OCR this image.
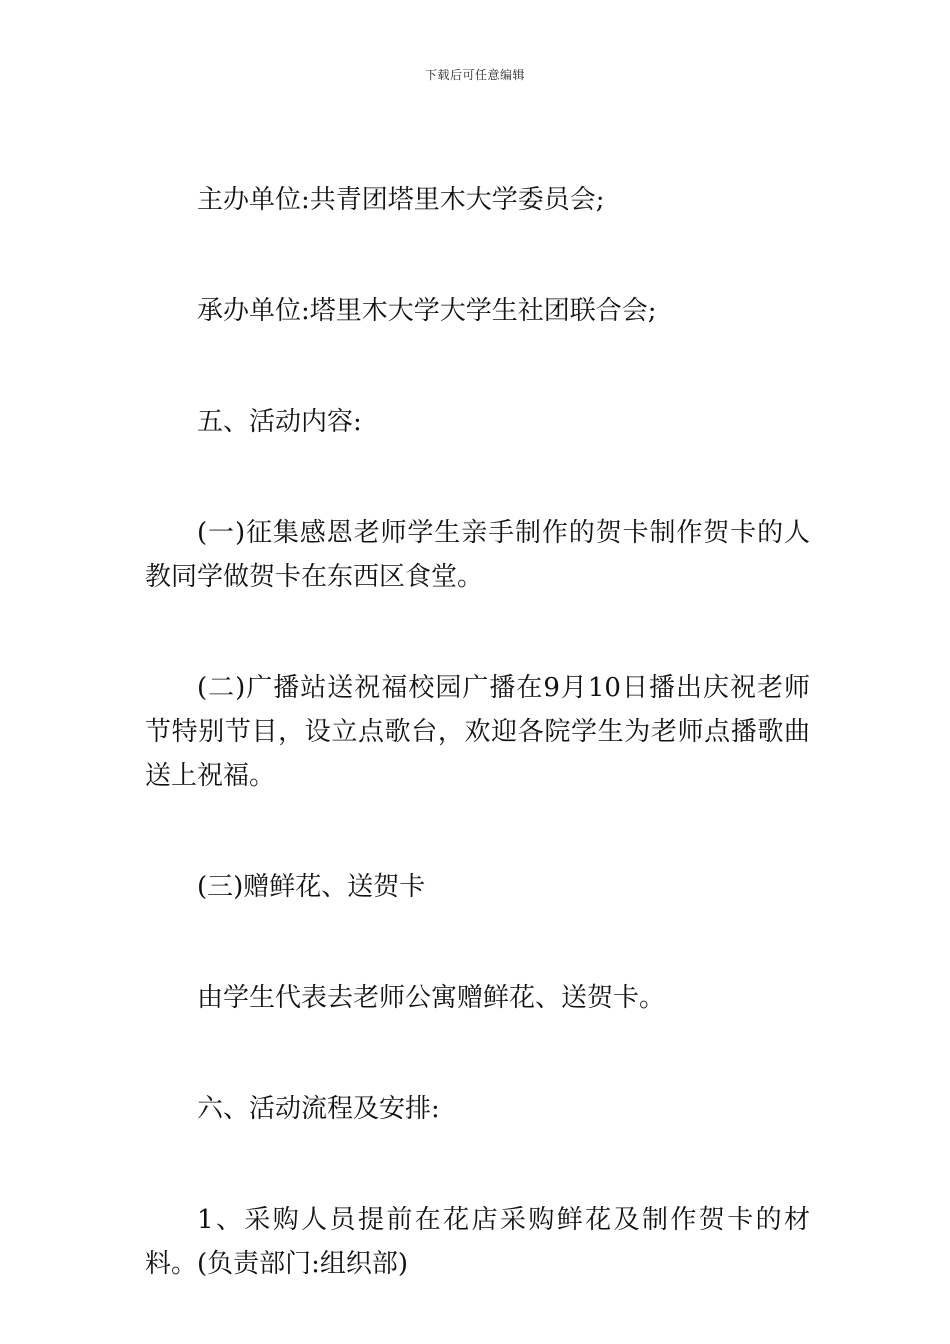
下载后可任意编辑

主办单位:共青团塔里木大学委员会;

承办单位:塔里木大学大学生社团联合会;

五、活动内容:

(一)征集感恩老师学生亲手制作的贺卡制作贺卡的人教同学做贺卡在东西区食堂。

(二)广播站送祝福校园广播在9月10日播出庆祝老师节特别节目，设立点歌台，欢迎各院学生为老师点播歌曲送上祝福。

(三)赠鲜花、送贺卡

由学生代表去老师公寓赠鲜花、送贺卡。

六、活动流程及安排:

1、采购人员提前在花店采购鲜花及制作贺卡的材料。(负责部门:组织部)
